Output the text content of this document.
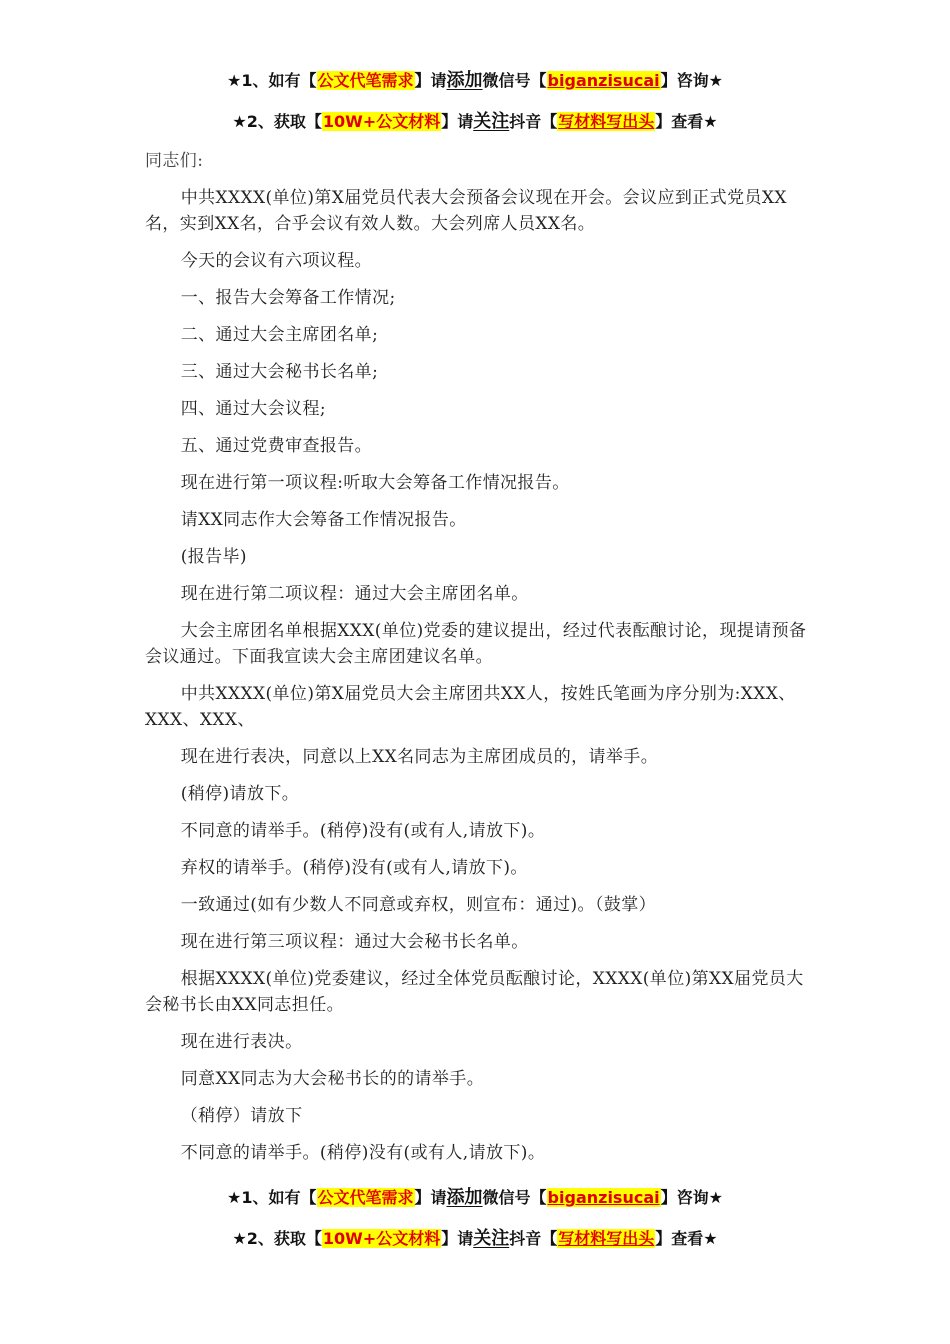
★1、如有【公文代笔需求】请添加微信号【biganzisucai】咨询★
★2、获取【10W+公文材料】请关注抖音【写材料写出头】查看★

同志们:

中共XXXX(单位)第X届党员代表大会预备会议现在开会。会议应到正式党员XX名，实到XX名，合乎会议有效人数。大会列席人员XX名。

今天的会议有六项议程。

一、报告大会筹备工作情况;

二、通过大会主席团名单;

三、通过大会秘书长名单;

四、通过大会议程;

五、通过党费审查报告。

现在进行第一项议程:听取大会筹备工作情况报告。

请XX同志作大会筹备工作情况报告。

(报告毕)

现在进行第二项议程：通过大会主席团名单。

大会主席团名单根据XXX(单位)党委的建议提出，经过代表酝酿讨论，现提请预备会议通过。下面我宣读大会主席团建议名单。

中共XXXX(单位)第X届党员大会主席团共XX人，按姓氏笔画为序分别为:XXX、XXX、XXX、

现在进行表决，同意以上XX名同志为主席团成员的，请举手。

(稍停)请放下。

不同意的请举手。(稍停)没有(或有人,请放下)。

弃权的请举手。(稍停)没有(或有人,请放下)。

一致通过(如有少数人不同意或弃权，则宣布：通过)。（鼓掌）

现在进行第三项议程：通过大会秘书长名单。

根据XXXX(单位)党委建议，经过全体党员酝酿讨论，XXXX(单位)第XX届党员大会秘书长由XX同志担任。

现在进行表决。

同意XX同志为大会秘书长的的请举手。

（稍停）请放下

不同意的请举手。(稍停)没有(或有人,请放下)。

★1、如有【公文代笔需求】请添加微信号【biganzisucai】咨询★
★2、获取【10W+公文材料】请关注抖音【写材料写出头】查看★
